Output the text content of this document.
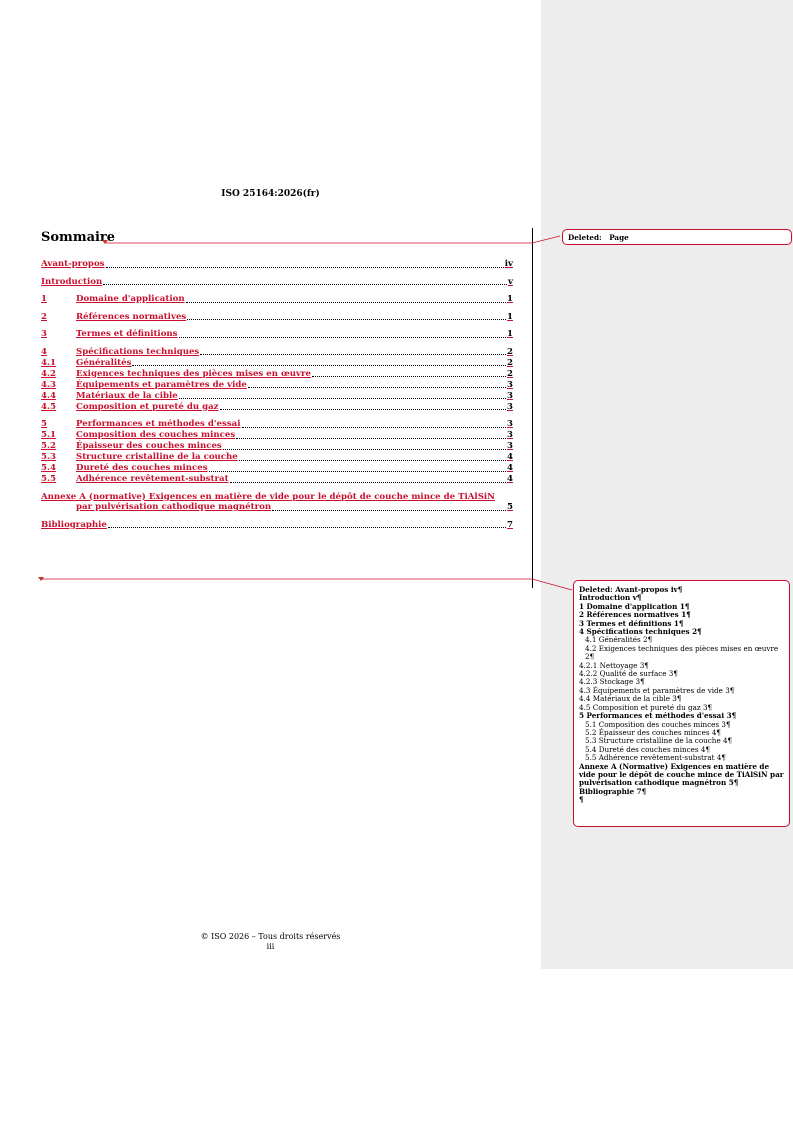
ISO 25164:2026(fr)
Sommaire
Avant-propos	iv
Introduction	v
1	Domaine d'application	1
2	Références normatives	1
3	Termes et définitions	1
4	Spécifications techniques	2
4.1	Généralités	2
4.2	Exigences techniques des pièces mises en œuvre	2
4.3	Équipements et paramètres de vide	3
4.4	Matériaux de la cible	3
4.5	Composition et pureté du gaz	3
5	Performances et méthodes d'essai	3
5.1	Composition des couches minces	3
5.2	Épaisseur des couches minces	3
5.3	Structure cristalline de la couche	4
5.4	Dureté des couches minces	4
5.5	Adhérence revêtement-substrat	4
Annexe A (normative) Exigences en matière de vide pour le dépôt de couche mince de TiAlSiN
par pulvérisation cathodique magnétron	5
Bibliographie	7
© ISO 2026 – Tous droits réservés
iii
Deleted: Page
Deleted: Avant-propos iv¶
Introduction v¶
1 Domaine d'application 1¶
2 Références normatives 1¶
3 Termes et définitions 1¶
4 Spécifications techniques 2¶
4.1 Généralités 2¶
4.2 Exigences techniques des pièces mises en œuvre 2¶
4.2.1 Nettoyage 3¶
4.2.2 Qualité de surface 3¶
4.2.3 Stockage 3¶
4.3 Équipements et paramètres de vide 3¶
4.4 Matériaux de la cible 3¶
4.5 Composition et pureté du gaz 3¶
5 Performances et méthodes d'essai 3¶
5.1 Composition des couches minces 3¶
5.2 Épaisseur des couches minces 4¶
5.3 Structure cristalline de la couche 4¶
5.4 Dureté des couches minces 4¶
5.5 Adhérence revêtement-substrat 4¶
Annexe A (Normative) Exigences en matière de vide pour le dépôt de couche mince de TiAlSiN par pulvérisation cathodique magnétron 5¶
Bibliographie 7¶
¶
